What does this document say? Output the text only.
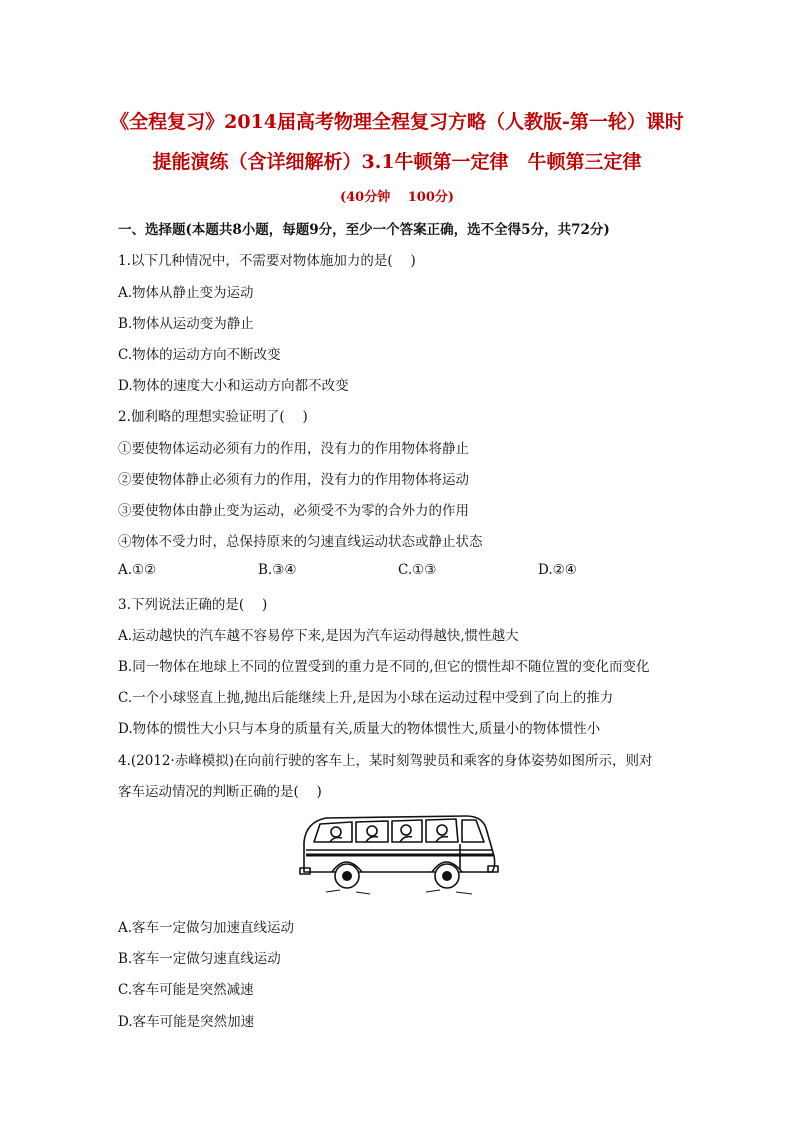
《全程复习》2014届高考物理全程复习方略（人教版-第一轮）课时
提能演练（含详细解析）3.1牛顿第一定律　牛顿第三定律
(40分钟　 100分)
一、选择题(本题共8小题，每题9分，至少一个答案正确，选不全得5分，共72分)
1.以下几种情况中，不需要对物体施加力的是(　 )
A.物体从静止变为运动
B.物体从运动变为静止
C.物体的运动方向不断改变
D.物体的速度大小和运动方向都不改变
2.伽利略的理想实验证明了(　 )
①要使物体运动必须有力的作用，没有力的作用物体将静止
②要使物体静止必须有力的作用，没有力的作用物体将运动
③要使物体由静止变为运动，必须受不为零的合外力的作用
④物体不受力时，总保持原来的匀速直线运动状态或静止状态
A.①②	B.③④	C.①③	D.②④
3.下列说法正确的是(　 )
A.运动越快的汽车越不容易停下来,是因为汽车运动得越快,惯性越大
B.同一物体在地球上不同的位置受到的重力是不同的,但它的惯性却不随位置的变化而变化
C.一个小球竖直上抛,抛出后能继续上升,是因为小球在运动过程中受到了向上的推力
D.物体的惯性大小只与本身的质量有关,质量大的物体惯性大,质量小的物体惯性小
4.(2012·赤峰模拟)在向前行驶的客车上，某时刻驾驶员和乘客的身体姿势如图所示，则对
客车运动情况的判断正确的是(　 )
A.客车一定做匀加速直线运动
B.客车一定做匀速直线运动
C.客车可能是突然减速
D.客车可能是突然加速
